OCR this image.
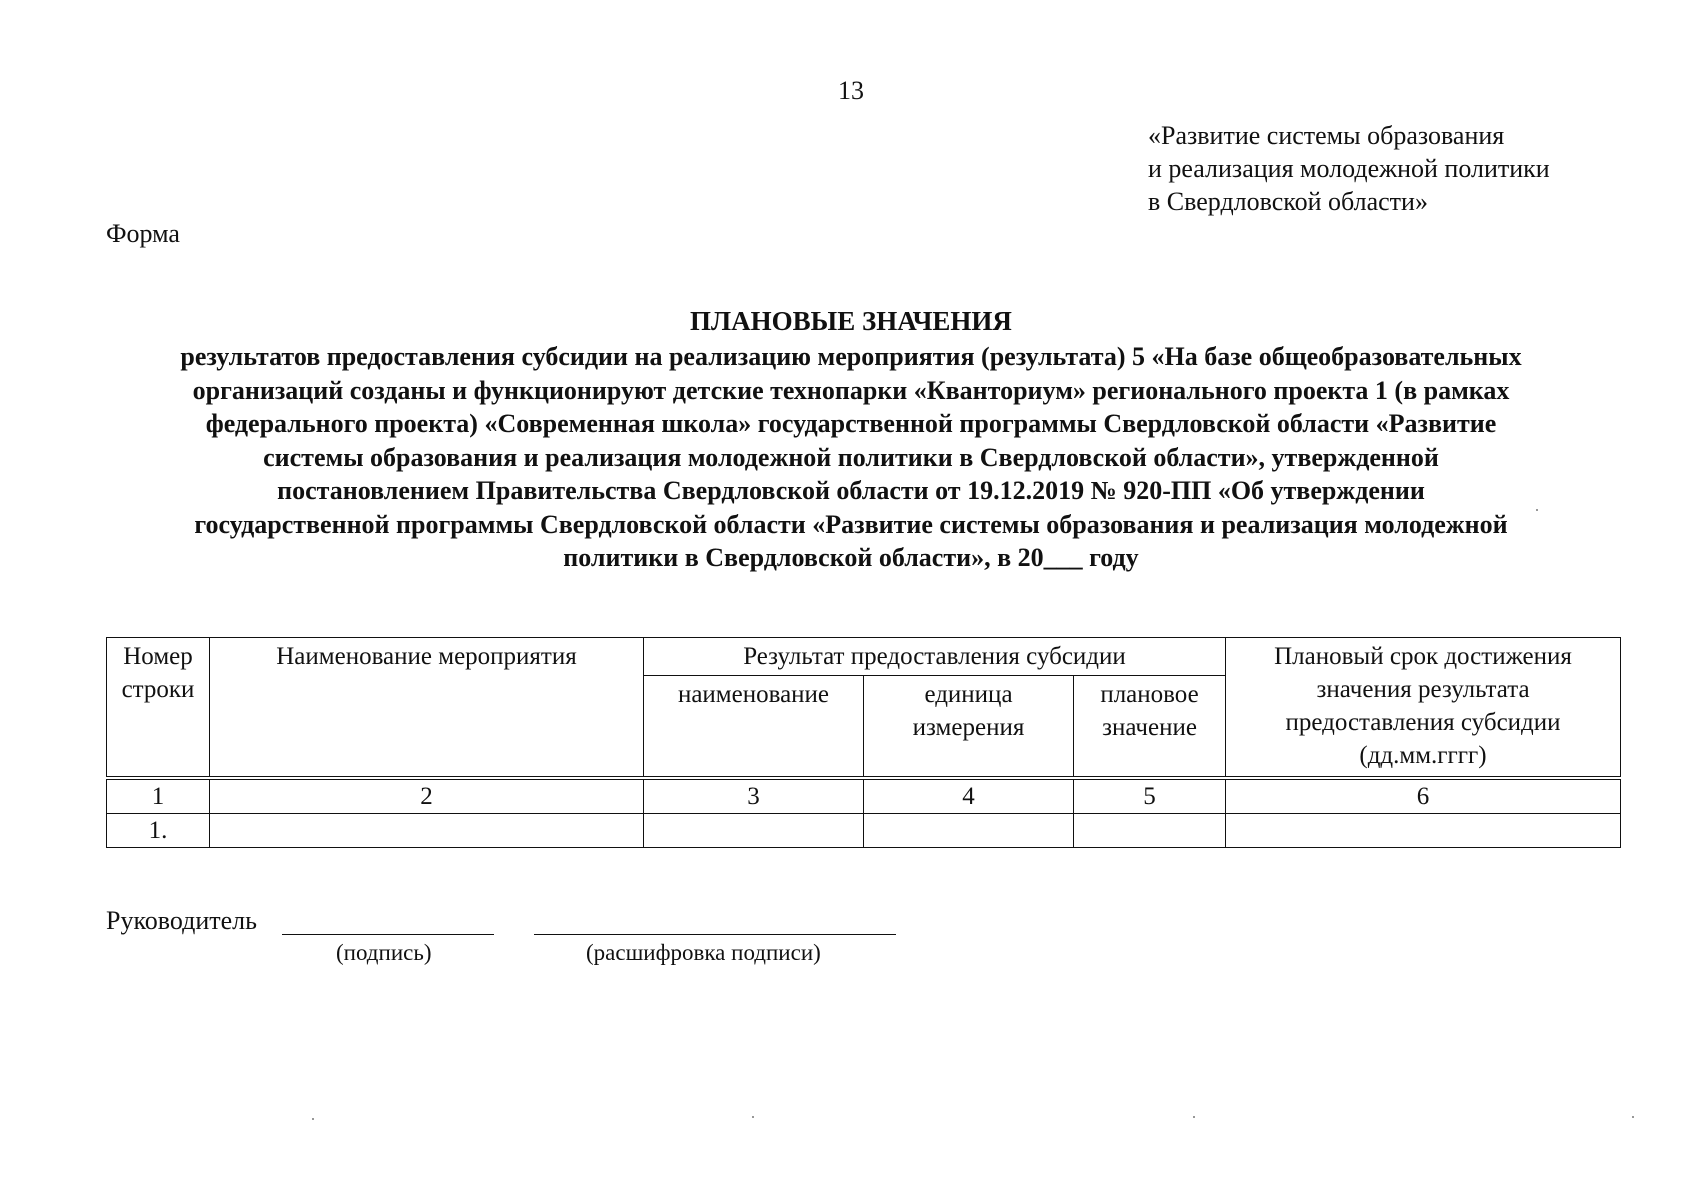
13
«Развитие системы образования
и реализация молодежной политики
в Свердловской области»
Форма
ПЛАНОВЫЕ ЗНАЧЕНИЯ
результатов предоставления субсидии на реализацию мероприятия (результата) 5 «На базе общеобразовательных
организаций созданы и функционируют детские технопарки «Кванториум» регионального проекта 1 (в рамках
федерального проекта) «Современная школа» государственной программы Свердловской области «Развитие
системы образования и реализация молодежной политики в Свердловской области», утвержденной
постановлением Правительства Свердловской области от 19.12.2019 № 920-ПП «Об утверждении
государственной программы Свердловской области «Развитие системы образования и реализация молодежной
политики в Свердловской области», в 20___ году
Номер строки	Наименование мероприятия	Результат предоставления субсидии			Плановый срок достижения значения результата предоставления субсидии (дд.мм.гггг)
		наименование	единица измерения	плановое значение	
1	2	3	4	5	6
1.					
Руководитель
(подпись)	(расшифровка подписи)
